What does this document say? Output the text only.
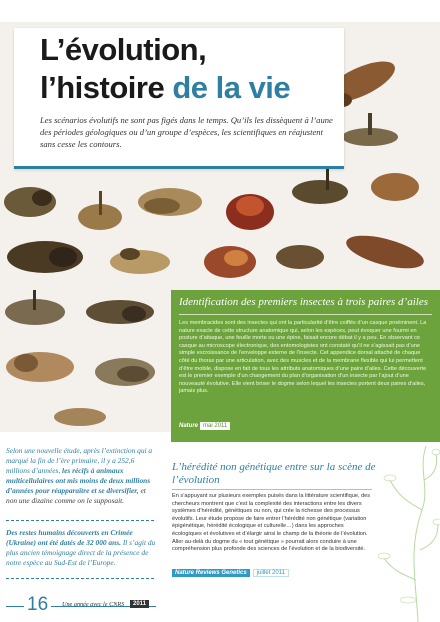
L’évolution,
l’histoire de la vie
Les scénarios évolutifs ne sont pas figés dans le temps. Qu’ils les dissèquent à l’aune des périodes géologiques ou d’un groupe d’espèces, les scientifiques en réajustent sans cesse les contours.
Identification des premiers insectes à trois paires d’ailes
Les membracides sont des insectes qui ont la particularité d’être coiffés d’un casque proéminent. La nature exacte de cette structure anatomique qui, selon les espèces, peut évoquer une fourmi en posture d’attaque, une feuille morte ou une épine, faisait encore débat il y a peu. En observant ce casque au microscope électronique, des entomologistes ont constaté qu’il ne s’agissait pas d’une simple excroissance de l’enveloppe externe de l’insecte. Cet appendice dorsal attaché de chaque côté du thorax par une articulation, avec des muscles et de la membrane flexible qui lui permettent d’être mobile, dispose en fait de tous les attributs anatomiques d’une paire d’ailes. Cette découverte est le premier exemple d’un changement du plan d’organisation d’un insecte par l’ajout d’une nouveauté évolutive. Elle vient briser le dogme selon lequel les insectes portent deux paires d’ailes, jamais plus.
Nature mai 2011
Selon une nouvelle étude, après l’extinction qui a marqué la fin de l’ère primaire, il y a 252,6 millions d’années, les récifs à animaux multicellulaires ont mis moins de deux millions d’années pour réapparaître et se diversifier, et non une dizaine comme on le supposait.
Des restes humains découverts en Crimée (Ukraine) ont été datés de 32 000 ans. Il s’agit du plus ancien témoignage direct de la présence de notre espèce au Sud-Est de l’Europe.
L’hérédité non génétique entre sur la scène de l’évolution
En s’appuyant sur plusieurs exemples puisés dans la littérature scientifique, des chercheurs montrent que c’est la complexité des interactions entre les divers systèmes d’hérédité, génétiques ou non, qui crée la richesse des processus évolutifs. Leur étude propose de faire entrer l’hérédité non génétique (variation épigénétique, hérédité écologique et culturelle…) dans les approches écologiques et évolutives et d’élargir ainsi le champ de la théorie de l’évolution. Aller au-delà du dogme du « tout génétique » pourrait alors conduire à une compréhension plus profonde des sciences de l’évolution et de la biodiversité.
Nature Reviews Genetics juillet 2011
16	Une année avec le CNRS	2011
